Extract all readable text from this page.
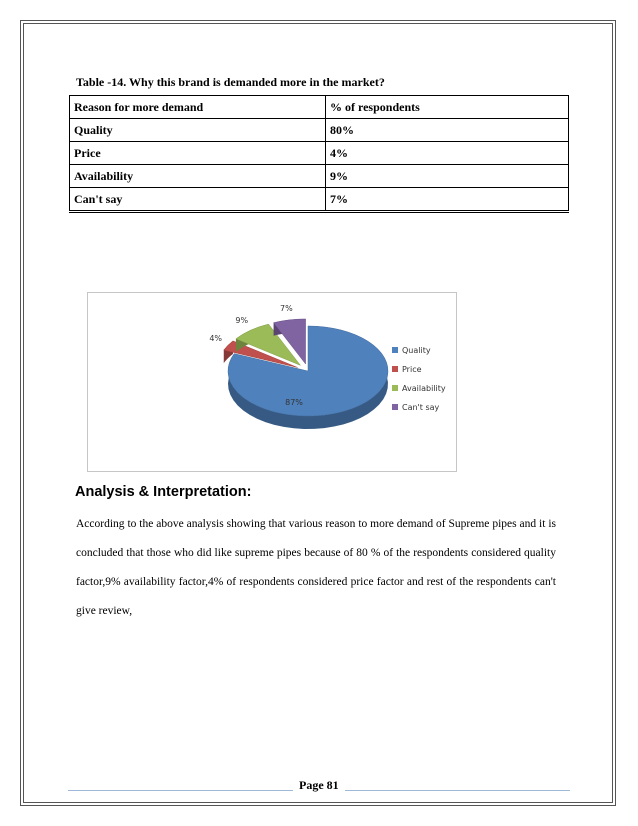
Table -14. Why this brand is demanded more in the market?
Reason for more demand	% of respondents
Quality	80%
Price	4%
Availability	9%
Can't say	7%
87%
4%
9%
7%
Quality
Price
Availability
Can't say
Analysis & Interpretation:
According to the above analysis showing that various reason to more demand of Supreme pipes and it is concluded that those who did like supreme pipes because of 80 % of the respondents considered quality factor,9% availability factor,4% of respondents considered price factor and rest of the respondents can't give review,
Page 81
